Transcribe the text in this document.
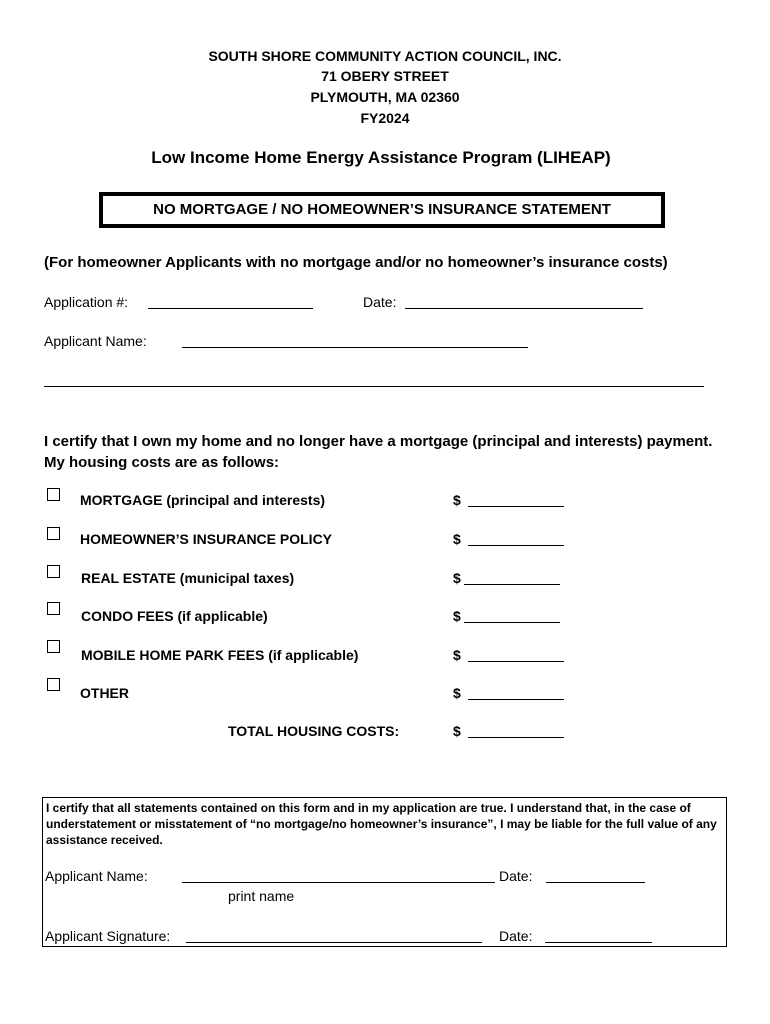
SOUTH SHORE COMMUNITY ACTION COUNCIL, INC.
71 OBERY STREET
PLYMOUTH, MA 02360
FY2024
Low Income Home Energy Assistance Program (LIHEAP)
NO MORTGAGE / NO HOMEOWNER’S INSURANCE STATEMENT
(For homeowner Applicants with no mortgage and/or no homeowner’s insurance costs)
Application #:	Date:
Applicant Name:
I certify that I own my home and no longer have a mortgage (principal and interests) payment. My housing costs are as follows:
MORTGAGE (principal and interests)	$
HOMEOWNER’S INSURANCE POLICY	$
REAL ESTATE (municipal taxes)	$
CONDO FEES (if applicable)	$
MOBILE HOME PARK FEES (if applicable)	$
OTHER	$
TOTAL HOUSING COSTS:	$
I certify that all statements contained on this form and in my application are true. I understand that, in the case of understatement or misstatement of “no mortgage/no homeowner’s insurance”, I may be liable for the full value of any assistance received.
Applicant Name:	Date:
print name
Applicant Signature:	Date:
